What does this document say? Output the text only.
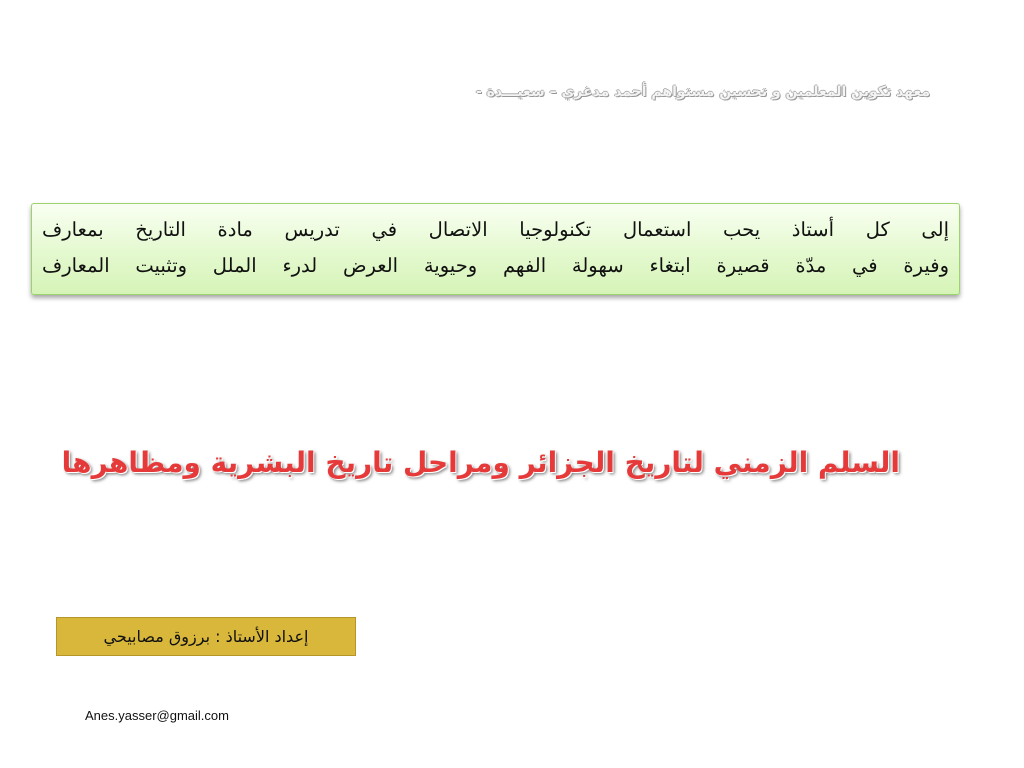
معهد تكوين المعلمين و تحسين مستواهم أحمد مدغري – سعيـــدة -
إلى كل أستاذ يحب استعمال تكنولوجيا الاتصال في تدريس مادة التاريخ بمعارف
وفيرة في مدّة قصيرة ابتغاء سهولة الفهم وحيوية العرض لدرء الملل وتثبيت المعارف
السلم الزمني لتاريخ الجزائر ومراحل تاريخ البشرية ومظاهرها
إعداد الأستاذ : برزوق مصابيحي
Anes.yasser@gmail.com
